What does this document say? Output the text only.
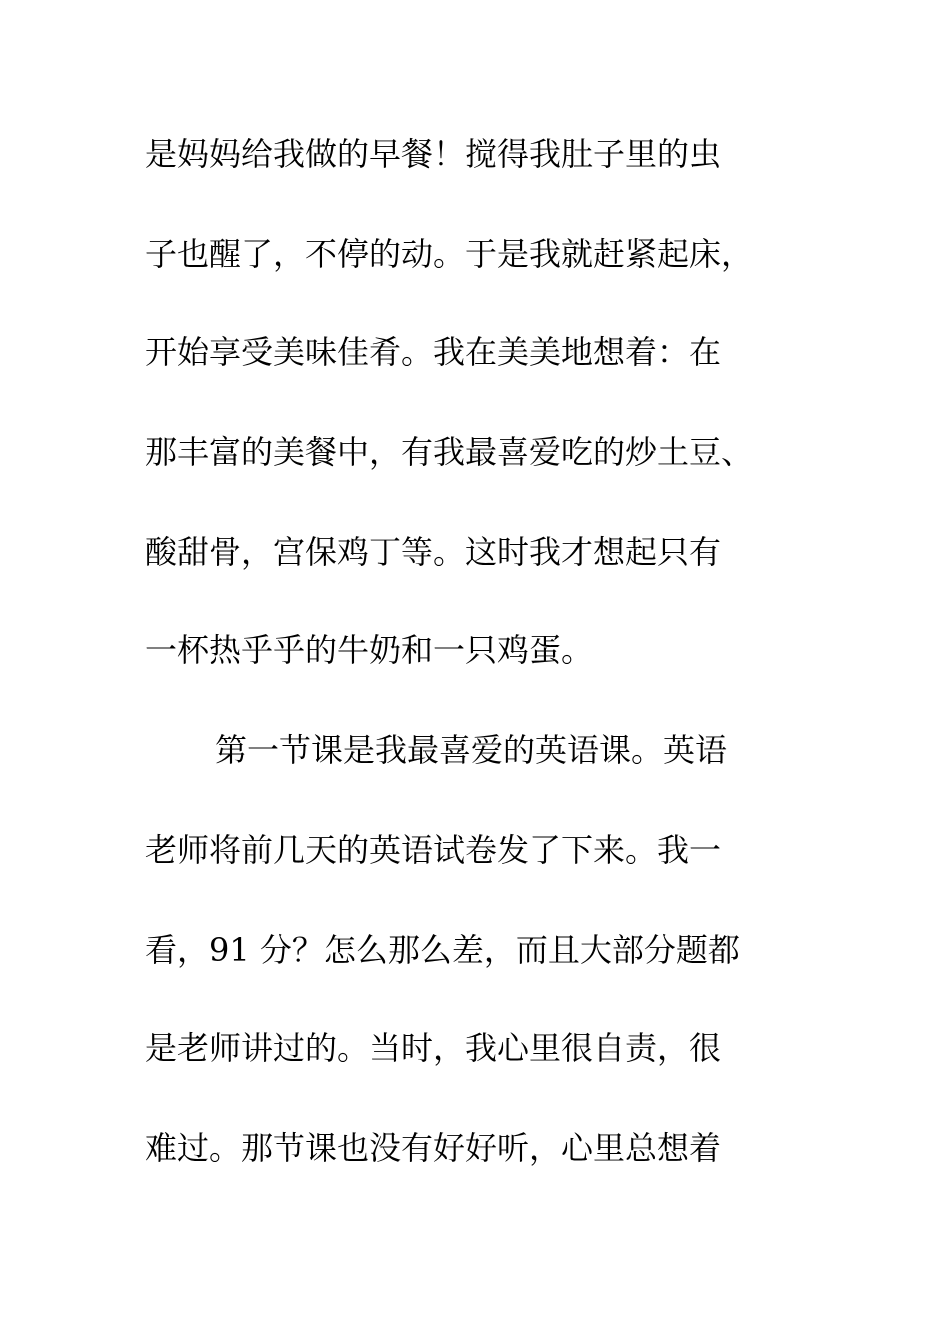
是妈妈给我做的早餐！搅得我肚子里的虫
子也醒了，不停的动。于是我就赶紧起床，
开始享受美味佳肴。我在美美地想着：在
那丰富的美餐中，有我最喜爱吃的炒土豆、
酸甜骨，宫保鸡丁等。这时我才想起只有
一杯热乎乎的牛奶和一只鸡蛋。
第一节课是我最喜爱的英语课。英语
老师将前几天的英语试卷发了下来。我一
看，91 分？怎么那么差，而且大部分题都
是老师讲过的。当时，我心里很自责，很
难过。那节课也没有好好听，心里总想着
